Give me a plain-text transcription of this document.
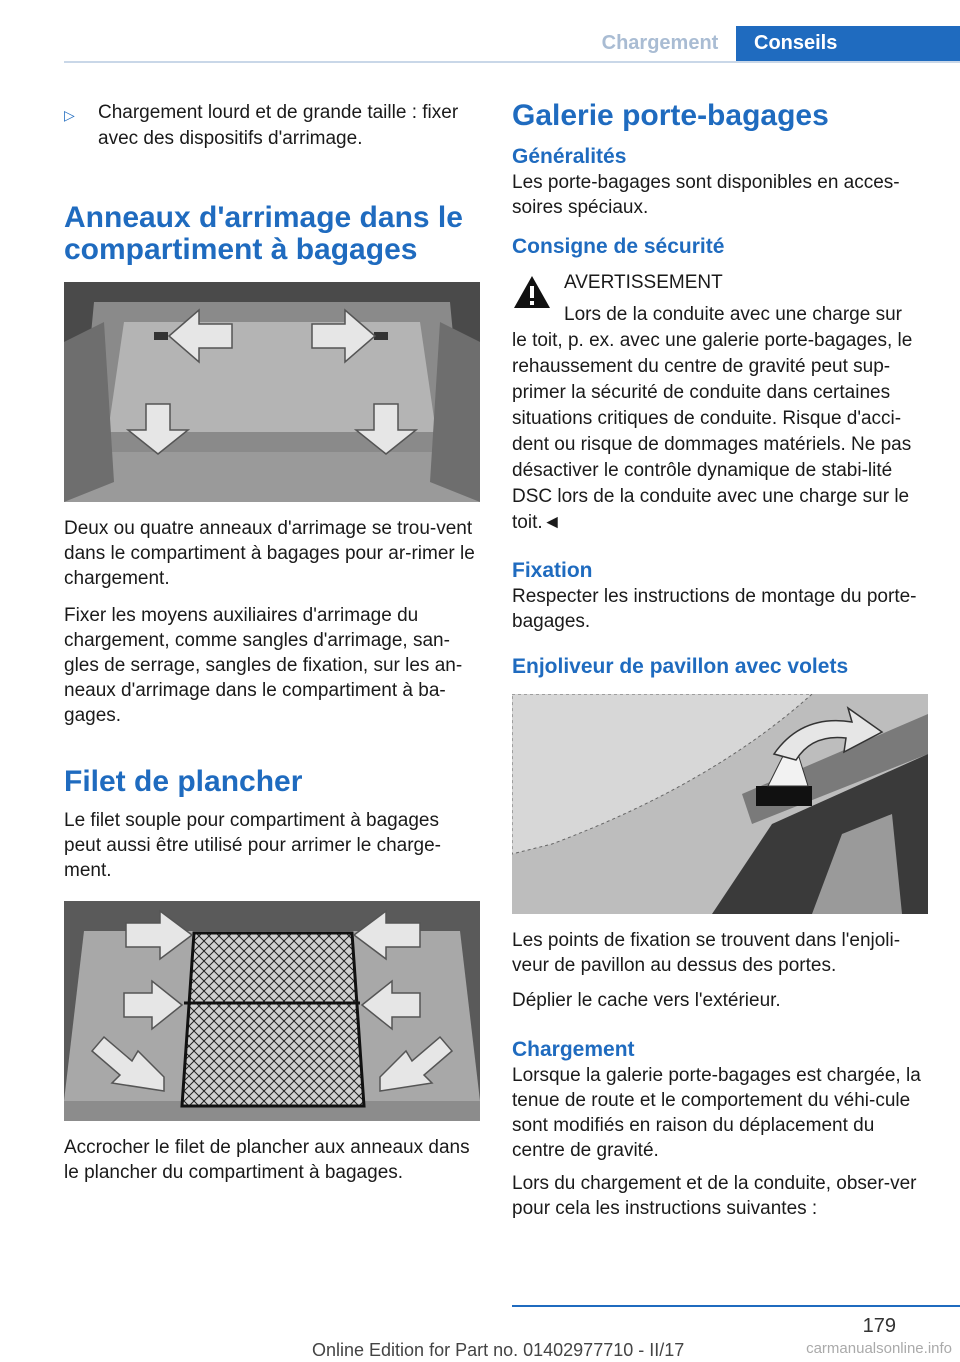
Chargement	Conseils
▷	Chargement lourd et de grande taille : fixer avec des dispositifs d'arrimage.
Anneaux d'arrimage dans le compartiment à bagages

Deux ou quatre anneaux d'arrimage se trou-vent dans le compartiment à bagages pour ar-rimer le chargement.

Fixer les moyens auxiliaires d'arrimage du chargement, comme sangles d'arrimage, san-gles de serrage, sangles de fixation, sur les an-neaux d'arrimage dans le compartiment à ba-gages.

Filet de plancher

Le filet souple pour compartiment à bagages peut aussi être utilisé pour arrimer le charge-ment.

Accrocher le filet de plancher aux anneaux dans le plancher du compartiment à bagages.

Galerie porte-bagages
Généralités

Les porte-bagages sont disponibles en acces-soires spéciaux.

Consigne de sécurité
AVERTISSEMENT
Lors de la conduite avec une charge sur
le toit, p. ex. avec une galerie porte-bagages, le rehaussement du centre de gravité peut sup-primer la sécurité de conduite dans certaines situations critiques de conduite. Risque d'acci-dent ou risque de dommages matériels. Ne pas désactiver le contrôle dynamique de stabi-lité DSC lors de la conduite avec une charge sur le toit.◄
Fixation

Respecter les instructions de montage du porte-bagages.

Enjoliveur de pavillon avec volets

Les points de fixation se trouvent dans l'enjoli-veur de pavillon au dessus des portes.

Déplier le cache vers l'extérieur.

Chargement

Lorsque la galerie porte-bagages est chargée, la tenue de route et le comportement du véhi-cule sont modifiés en raison du déplacement du centre de gravité.

Lors du chargement et de la conduite, obser-ver pour cela les instructions suivantes :

179
Online Edition for Part no. 01402977710 - II/17	carmanualsonline.info
